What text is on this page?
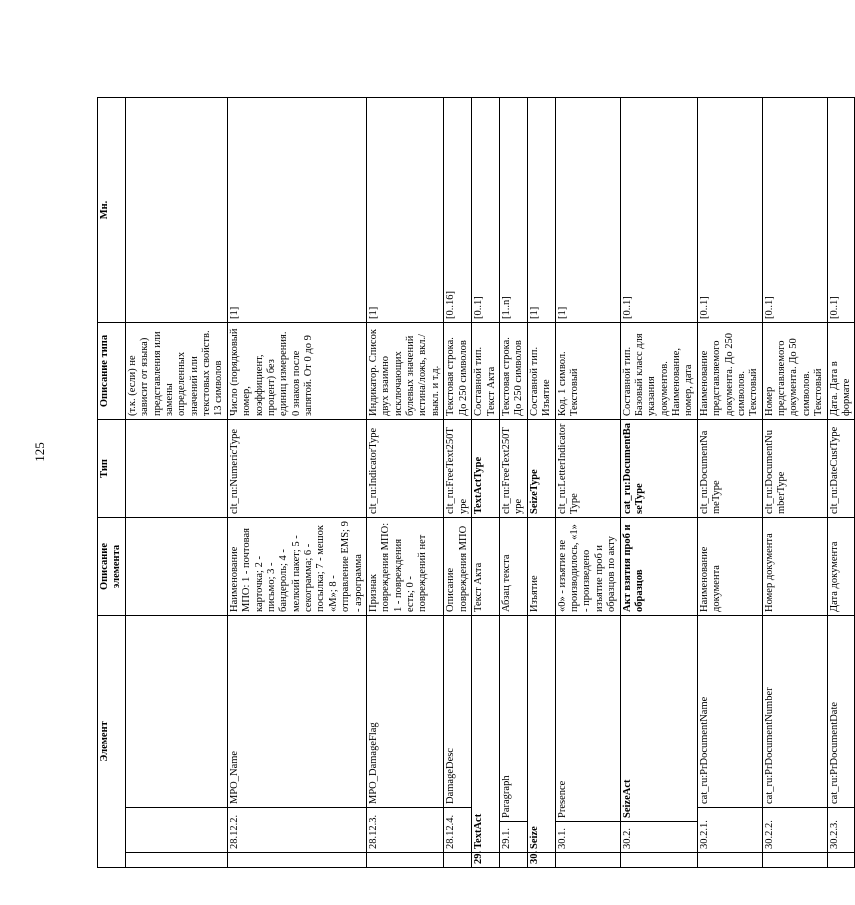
125
Элемент				Описание элемента	Тип	Описание типа	Мн.
						(т.к. (если) не зависит от языка) представления или замены определенных значений или текстовых свойств. 13 символов	
	28.12.2.		MPO_Name	Наименование МПО: 1 - почтовая карточка; 2 - письмо; 3 - бандероль; 4 - мелкий пакет; 5 - секограмма; 6 - посылка; 7 - мешок «M»; 8 - отправление EMS; 9 - аэрограмма	clt_ru:NumericType	Число (порядковый номер, коэффициент, процент) без единиц измерения. 0 знаков после запятой. От 0 до 9	[1]
	28.12.3.		MPO_DamageFlag	Признак повреждения МПО: 1 - повреждения есть; 0 - повреждений нет	clt_ru:IndicatorType	Индикатор. Список двух взаимно исключающих булевых значений истина/ложь, вкл./выкл. и т.д.	[1]
	28.12.4.		DamageDesc	Описание повреждения МПО	clt_ru:FreeText250Type	Текстовая строка. До 250 символов	[0..16]
29.	TextAct			Текст Акта	TextActType	Составной тип. Текст Акта	[0..1]
	29.1.	Paragraph		Абзац текста	clt_ru:FreeText250Type	Текстовая строка. До 250 символов	[1..n]
30.	Seize			Изъятие	SeizeType	Составной тип. Изъятие	[1]
	30.1.	Presence		«0» - изъятие не производилось, «1» - произведено изъятие проб и образцов по акту	clt_ru:LetterIndicatorType	Код. 1 символ. Текстовый	[1]
	30.2.	SeizeAct		Акт взятия проб и образцов	cat_ru:DocumentBaseType	Составной тип. Базовый класс для указания документов. Наименование, номер, дата	[0..1]
	30.2.1.		cat_ru:PrDocumentName	Наименование документа	clt_ru:DocumentNameType	Наименование представляемого документа. До 250 символов. Текстовый	[0..1]
	30.2.2.		cat_ru:PrDocumentNumber	Номер документа	clt_ru:DocumentNumberType	Номер представляемого документа. До 50 символов. Текстовый	[0..1]
	30.2.3.		cat_ru:PrDocumentDate	Дата документа	clt_ru:DateCustType	Дата. Дата в формате	[0..1]
